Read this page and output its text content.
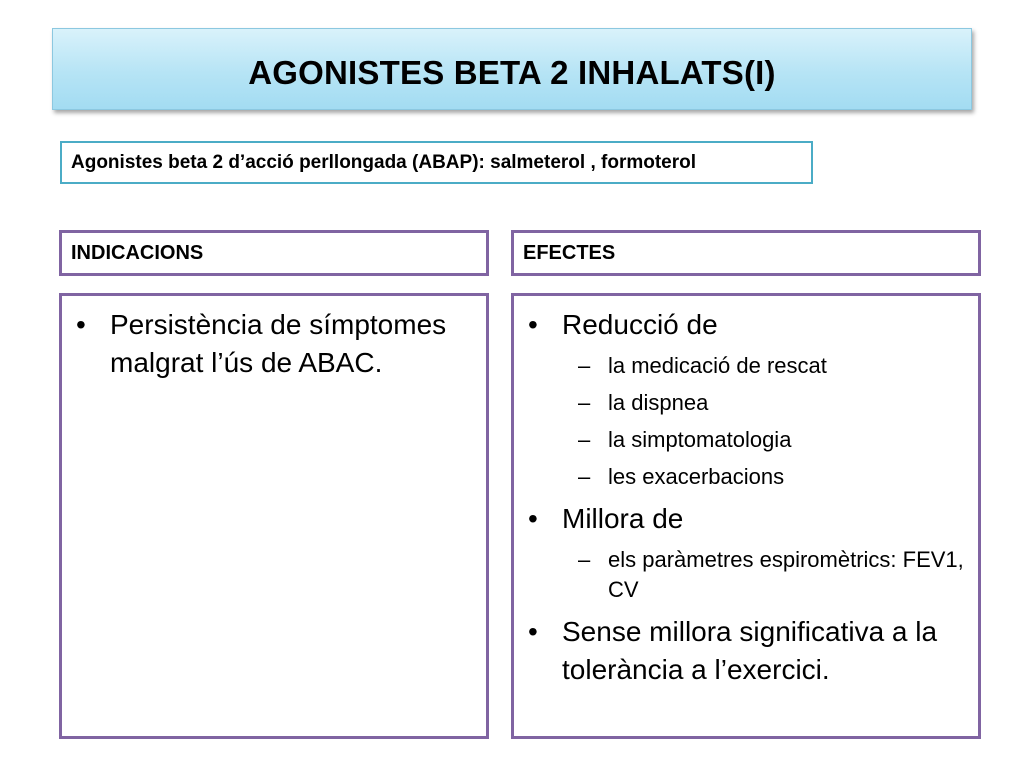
AGONISTES BETA 2 INHALATS(I)
Agonistes beta 2 d’acció perllongada (ABAP): salmeterol , formoterol
INDICACIONS	EFECTES
• Persistència de símptomes malgrat l’ús de ABAC.
• Reducció de
– la medicació de rescat
– la dispnea
– la simptomatologia
– les exacerbacions
• Millora de
– els paràmetres espiromètrics: FEV1, CV
• Sense millora significativa a la tolerància a l’exercici.
